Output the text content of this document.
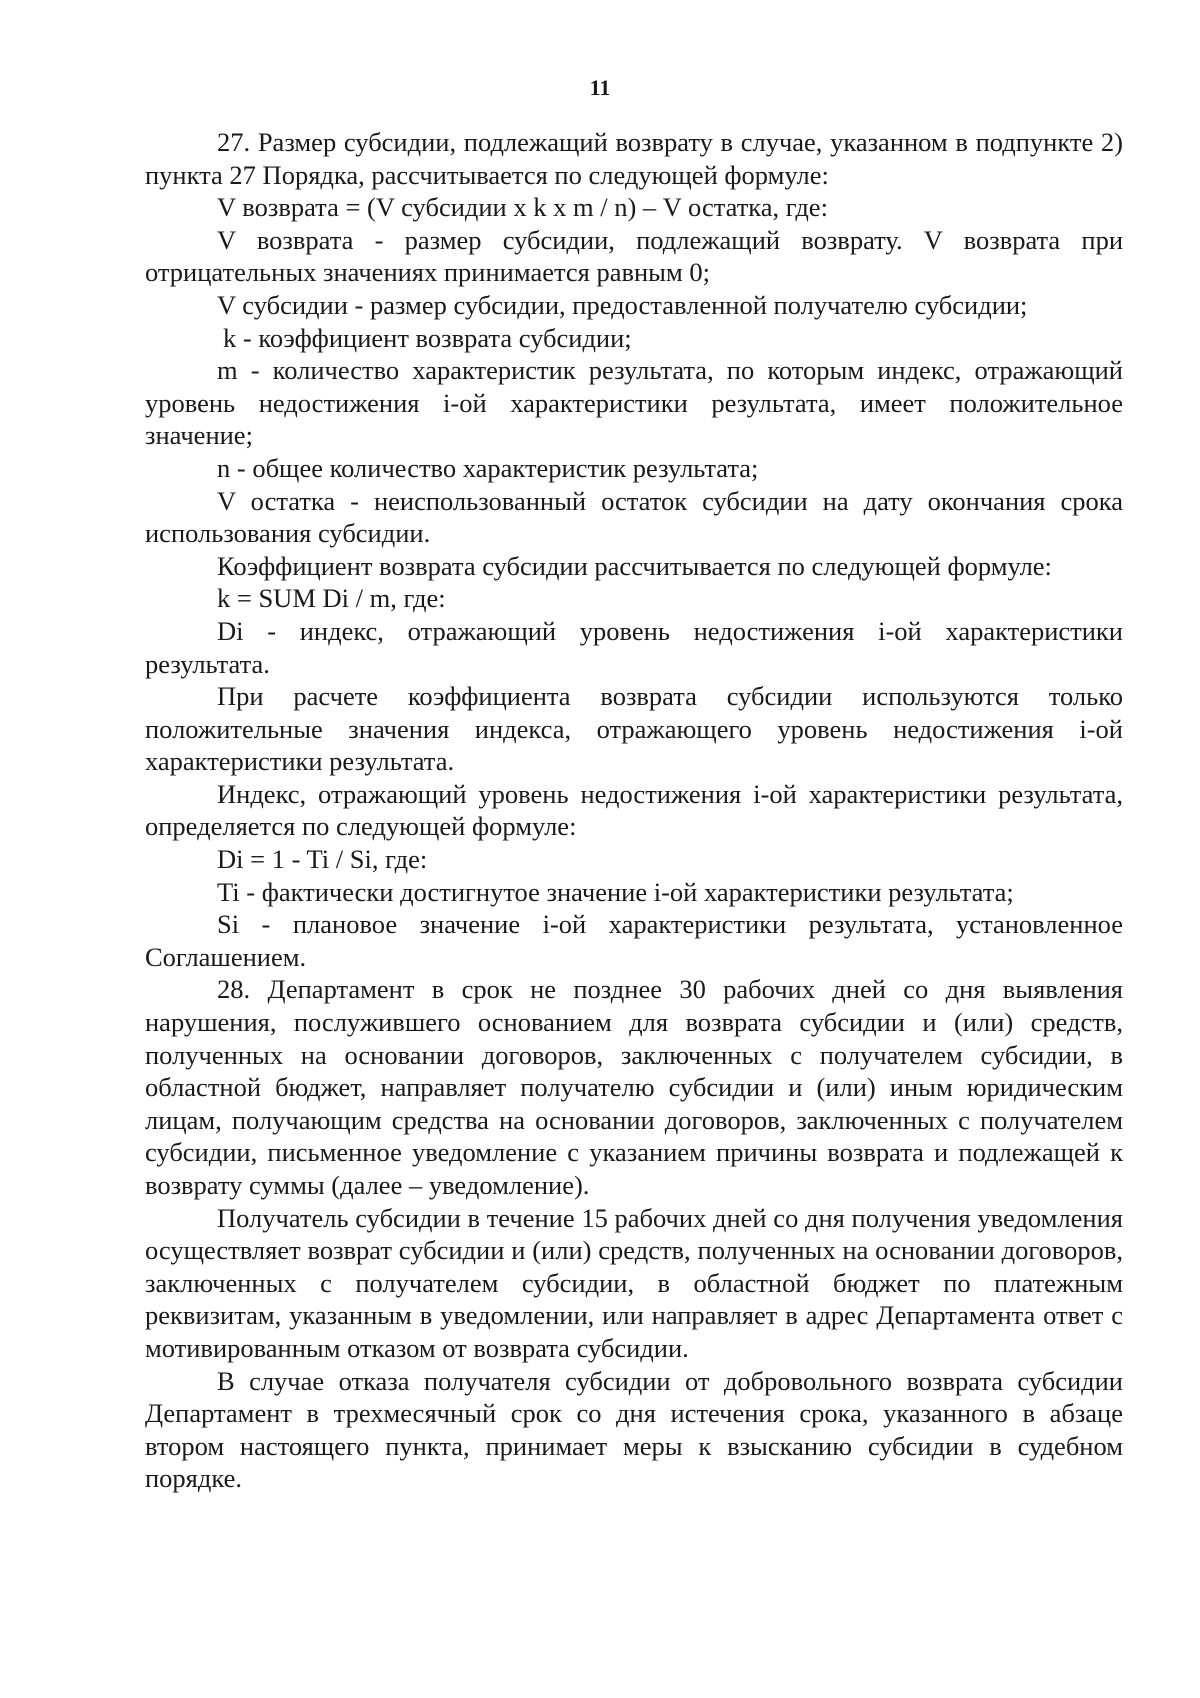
11

27. Размер субсидии, подлежащий возврату в случае, указанном в подпункте 2) пункта 27 Порядка, рассчитывается по следующей формуле:

V возврата = (V субсидии x k x m / n) – V остатка, где:

V возврата - размер субсидии, подлежащий возврату. V возврата при отрицательных значениях принимается равным 0;

V субсидии - размер субсидии, предоставленной получателю субсидии;

k - коэффициент возврата субсидии;

m - количество характеристик результата, по которым индекс, отражающий уровень недостижения i-ой характеристики результата, имеет положительное значение;

n - общее количество характеристик результата;

V остатка - неиспользованный остаток субсидии на дату окончания срока использования субсидии.

Коэффициент возврата субсидии рассчитывается по следующей формуле:

k = SUM Di / m, где:

Di - индекс, отражающий уровень недостижения i-ой характеристики результата.

При расчете коэффициента возврата субсидии используются только положительные значения индекса, отражающего уровень недостижения i-ой характеристики результата.

Индекс, отражающий уровень недостижения i-ой характеристики результата, определяется по следующей формуле:

Di = 1 - Ti / Si, где:

Ti - фактически достигнутое значение i-ой характеристики результата;

Si - плановое значение i-ой характеристики результата, установленное Соглашением.

28. Департамент в срок не позднее 30 рабочих дней со дня выявления нарушения, послужившего основанием для возврата субсидии и (или) средств, полученных на основании договоров, заключенных с получателем субсидии, в областной бюджет, направляет получателю субсидии и (или) иным юридическим лицам, получающим средства на основании договоров, заключенных с получателем субсидии, письменное уведомление с указанием причины возврата и подлежащей к возврату суммы (далее – уведомление).

Получатель субсидии в течение 15 рабочих дней со дня получения уведомления осуществляет возврат субсидии и (или) средств, полученных на основании договоров, заключенных с получателем субсидии, в областной бюджет по платежным реквизитам, указанным в уведомлении, или направляет в адрес Департамента ответ с мотивированным отказом от возврата субсидии.

В случае отказа получателя субсидии от добровольного возврата субсидии Департамент в трехмесячный срок со дня истечения срока, указанного в абзаце втором настоящего пункта, принимает меры к взысканию субсидии в судебном порядке.
